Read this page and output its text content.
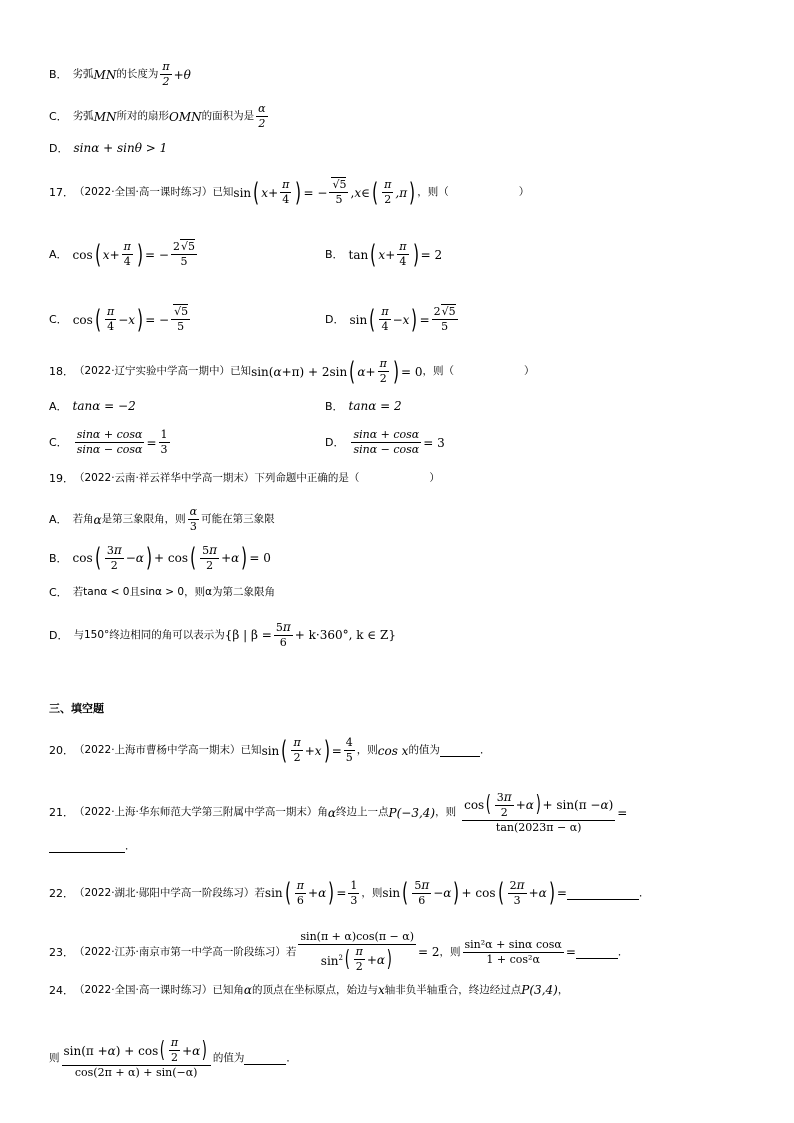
B． 劣弧 MN 的长度为 $\frac{\pi}{2} +\theta$
C． 劣弧 MN 所对的扇形 OMN 的面积为是 $\frac{\alpha}{2}$
D． sinα + sinθ > 1
17． （2022·全国·高一课时练习） 已知 sin ( $x + \frac{\pi}{4}$ ) = − $\frac{√5}{5}$ , x ∈ ( $\frac{\pi}{2} ,\pi$ ) ，则（	）
A． cos ( $x + \frac{\pi}{4}$ ) = − $\frac{2√5}{5}$	B． tan ( $x + \frac{\pi}{4}$ ) = 2
C． cos ( $\frac{\pi}{4} - x$ ) = − $\frac{√5}{5}$	D． sin ( $\frac{\pi}{4} - x$ ) = $\frac{2√5}{5}$
18． （2022·辽宁实验中学高一期中） 已知 sin( α +π) + 2sin ( $\alpha + \frac{\pi}{2}$ ) = 0 ，则（	）
A． tanα = −2	B． tanα = 2
C． $\frac{\sin\alpha + \cos\alpha}{\sin\alpha - \cos\alpha} = \frac{1}{3}$	D． $\frac{\sin\alpha + \cos\alpha}{\sin\alpha - \cos\alpha} = 3$
19． （2022·云南·祥云祥华中学高一期末） 下列命题中正确的是（	）
A． 若角 α 是第三象限角，则 $\frac{\alpha}{3}$ 可能在第三象限
B． cos ( $\frac{3\pi}{2} - \alpha$ ) + cos ( $\frac{5\pi}{2} + \alpha$ ) = 0
C． 若tanα < 0且sinα > 0，则α为第二象限角
D． 与150°终边相同的角可以表示为 {β | $\beta = \frac{5\pi}{6} + k\cdot 360^\circ$, k ∈ Z}
三、填空题
20． （2022·上海市曹杨中学高一期末） 已知 sin ( $\frac{\pi}{2} + x$ ) = $\frac{4}{5}$ ，则 cos x 的值为	．
21． （2022·上海·华东师范大学第三附属中学高一期末） 角 α 终边上一点 P(−3,4) ，则 $\frac{\cos ( \frac{3\pi}{2} + \alpha ) + \sin(\pi - \alpha )}{\tan(2023\pi - \alpha)}$ =
．
22． （2022·湖北·郧阳中学高一阶段练习） 若 sin ( $\frac{\pi}{6} + \alpha$ ) = $\frac{1}{3}$ ，则 sin ( $\frac{5\pi}{6} - \alpha$ ) + cos ( $\frac{2\pi}{3} + \alpha$ ) =	．
23． （2022·江苏·南京市第一中学高一阶段练习） 若 $\frac{\sin(\pi + \alpha)\cos(\pi - \alpha)}{\sin^2 ( \frac{\pi}{2} + \alpha )} = 2$ ，则 $\frac{\text{sin²α + sinα cosα}}{\text{1 + cos²α}}$ =	．
24． （2022·全国·高一课时练习） 已知角 α 的顶点在坐标原点，始边与 x 轴非负半轴重合，终边经过点 P(3,4) ，
则 $\frac{\sin(\pi + \alpha ) + \cos ( \frac{\pi}{2} + \alpha )}{\cos(2\pi + \alpha) + \sin(-\alpha)}$ 的值为	．
